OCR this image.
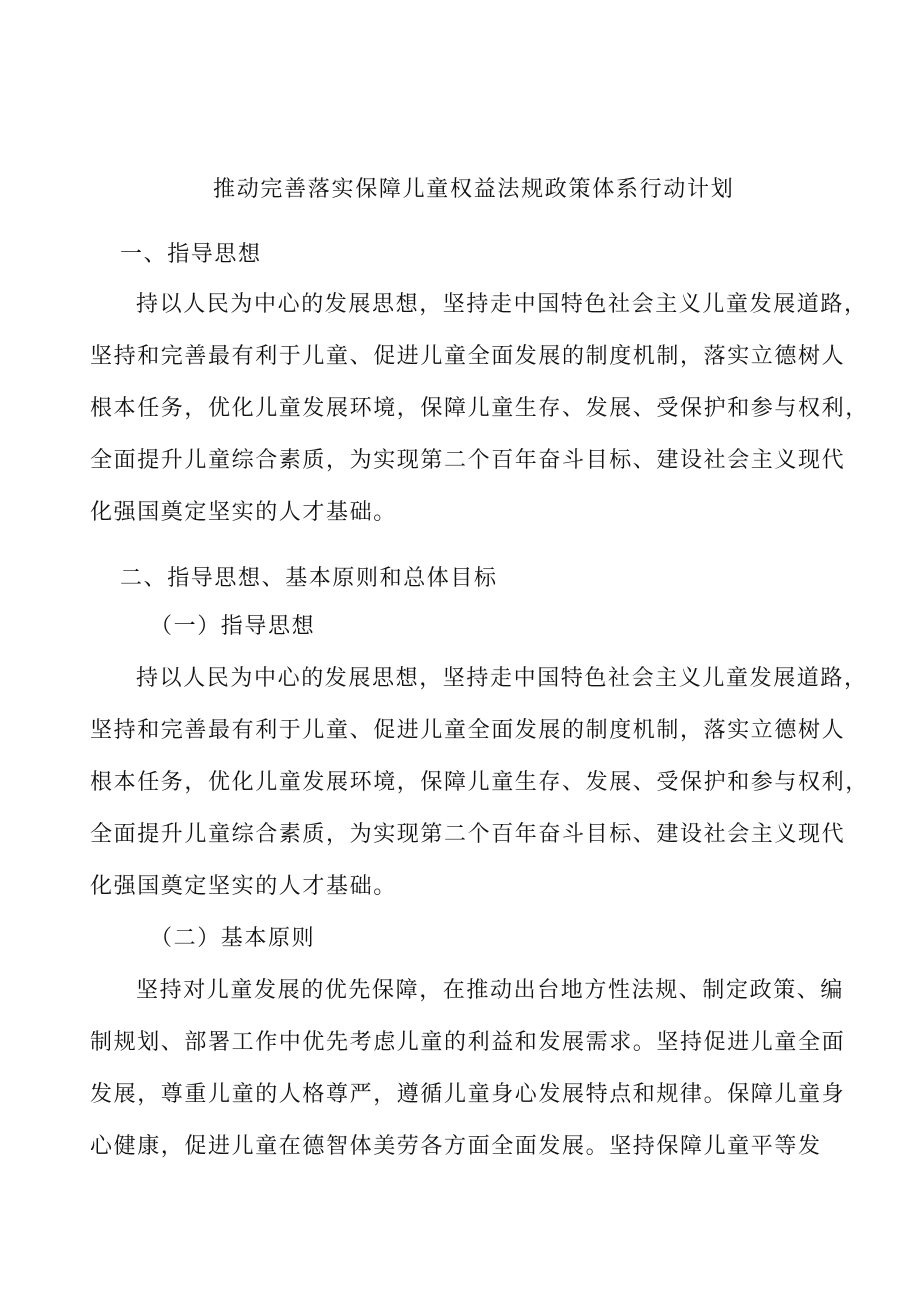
推动完善落实保障儿童权益法规政策体系行动计划
一、指导思想
持以人民为中心的发展思想，坚持走中国特色社会主义儿童发展道路，
坚持和完善最有利于儿童、促进儿童全面发展的制度机制，落实立德树人
根本任务，优化儿童发展环境，保障儿童生存、发展、受保护和参与权利，
全面提升儿童综合素质，为实现第二个百年奋斗目标、建设社会主义现代
化强国奠定坚实的人才基础。
二、指导思想、基本原则和总体目标
（一）指导思想
持以人民为中心的发展思想，坚持走中国特色社会主义儿童发展道路，
坚持和完善最有利于儿童、促进儿童全面发展的制度机制，落实立德树人
根本任务，优化儿童发展环境，保障儿童生存、发展、受保护和参与权利，
全面提升儿童综合素质，为实现第二个百年奋斗目标、建设社会主义现代
化强国奠定坚实的人才基础。
（二）基本原则
坚持对儿童发展的优先保障，在推动出台地方性法规、制定政策、编
制规划、部署工作中优先考虑儿童的利益和发展需求。坚持促进儿童全面
发展，尊重儿童的人格尊严，遵循儿童身心发展特点和规律。保障儿童身
心健康，促进儿童在德智体美劳各方面全面发展。坚持保障儿童平等发
